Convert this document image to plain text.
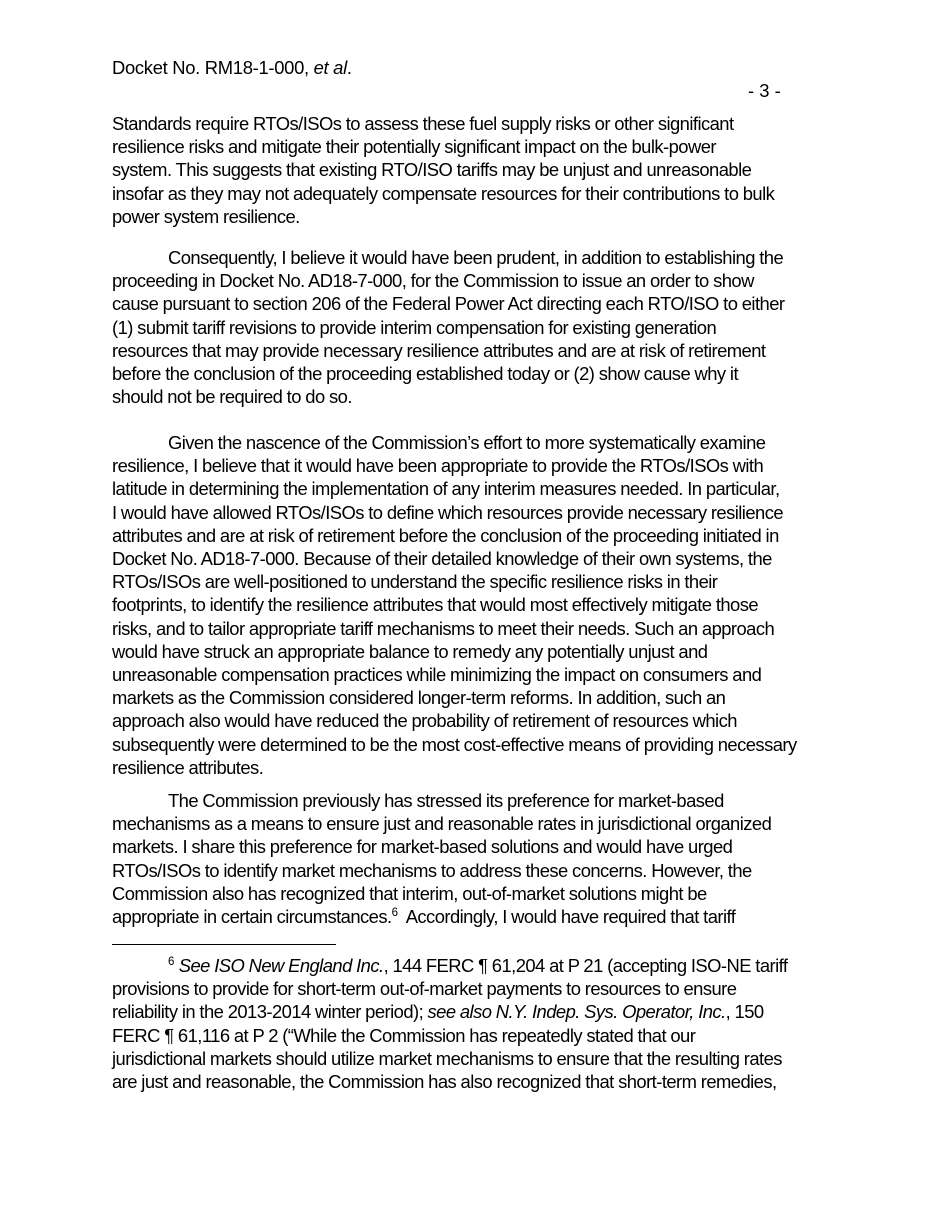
Docket No. RM18-1-000, et al.
- 3 -
Standards require RTOs/ISOs to assess these fuel supply risks or other significant
resilience risks and mitigate their potentially significant impact on the bulk-power
system. This suggests that existing RTO/ISO tariffs may be unjust and unreasonable
insofar as they may not adequately compensate resources for their contributions to bulk
power system resilience.
Consequently, I believe it would have been prudent, in addition to establishing the
proceeding in Docket No. AD18-7-000, for the Commission to issue an order to show
cause pursuant to section 206 of the Federal Power Act directing each RTO/ISO to either
(1) submit tariff revisions to provide interim compensation for existing generation
resources that may provide necessary resilience attributes and are at risk of retirement
before the conclusion of the proceeding established today or (2) show cause why it
should not be required to do so.
Given the nascence of the Commission’s effort to more systematically examine
resilience, I believe that it would have been appropriate to provide the RTOs/ISOs with
latitude in determining the implementation of any interim measures needed. In particular,
I would have allowed RTOs/ISOs to define which resources provide necessary resilience
attributes and are at risk of retirement before the conclusion of the proceeding initiated in
Docket No. AD18-7-000. Because of their detailed knowledge of their own systems, the
RTOs/ISOs are well-positioned to understand the specific resilience risks in their
footprints, to identify the resilience attributes that would most effectively mitigate those
risks, and to tailor appropriate tariff mechanisms to meet their needs. Such an approach
would have struck an appropriate balance to remedy any potentially unjust and
unreasonable compensation practices while minimizing the impact on consumers and
markets as the Commission considered longer-term reforms. In addition, such an
approach also would have reduced the probability of retirement of resources which
subsequently were determined to be the most cost-effective means of providing necessary
resilience attributes.
The Commission previously has stressed its preference for market-based
mechanisms as a means to ensure just and reasonable rates in jurisdictional organized
markets. I share this preference for market-based solutions and would have urged
RTOs/ISOs to identify market mechanisms to address these concerns. However, the
Commission also has recognized that interim, out-of-market solutions might be
appropriate in certain circumstances.$^6$  Accordingly, I would have required that tariff
$^6$ See ISO New England Inc., 144 FERC ¶ 61,204 at P 21 (accepting ISO-NE tariff
provisions to provide for short-term out-of-market payments to resources to ensure
reliability in the 2013-2014 winter period); see also N.Y. Indep. Sys. Operator, Inc., 150
FERC ¶ 61,116 at P 2 (“While the Commission has repeatedly stated that our
jurisdictional markets should utilize market mechanisms to ensure that the resulting rates
are just and reasonable, the Commission has also recognized that short-term remedies,
